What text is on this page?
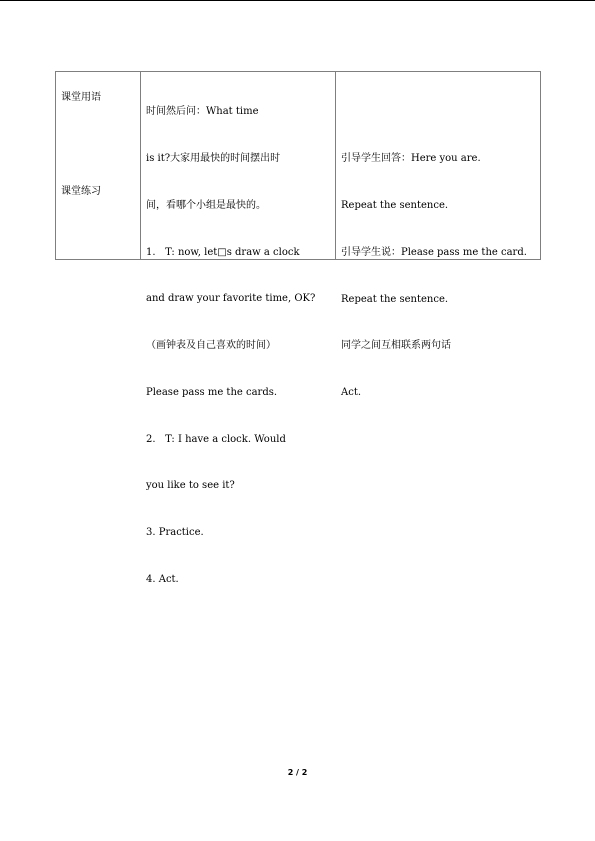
课堂用语
课堂练习

时间然后问：What time

is it?大家用最快的时间摆出时

间，看哪个小组是最快的。

1.   T: now, let□s draw a clock

and draw your favorite time, OK?

（画钟表及自己喜欢的时间）

Please pass me the cards.

2.   T: I have a clock. Would

you like to see it?

3. Practice.

4. Act.

引导学生回答：Here you are.

Repeat the sentence.

引导学生说：Please pass me the card.

Repeat the sentence.

同学之间互相联系两句话

Act.

2 / 2
